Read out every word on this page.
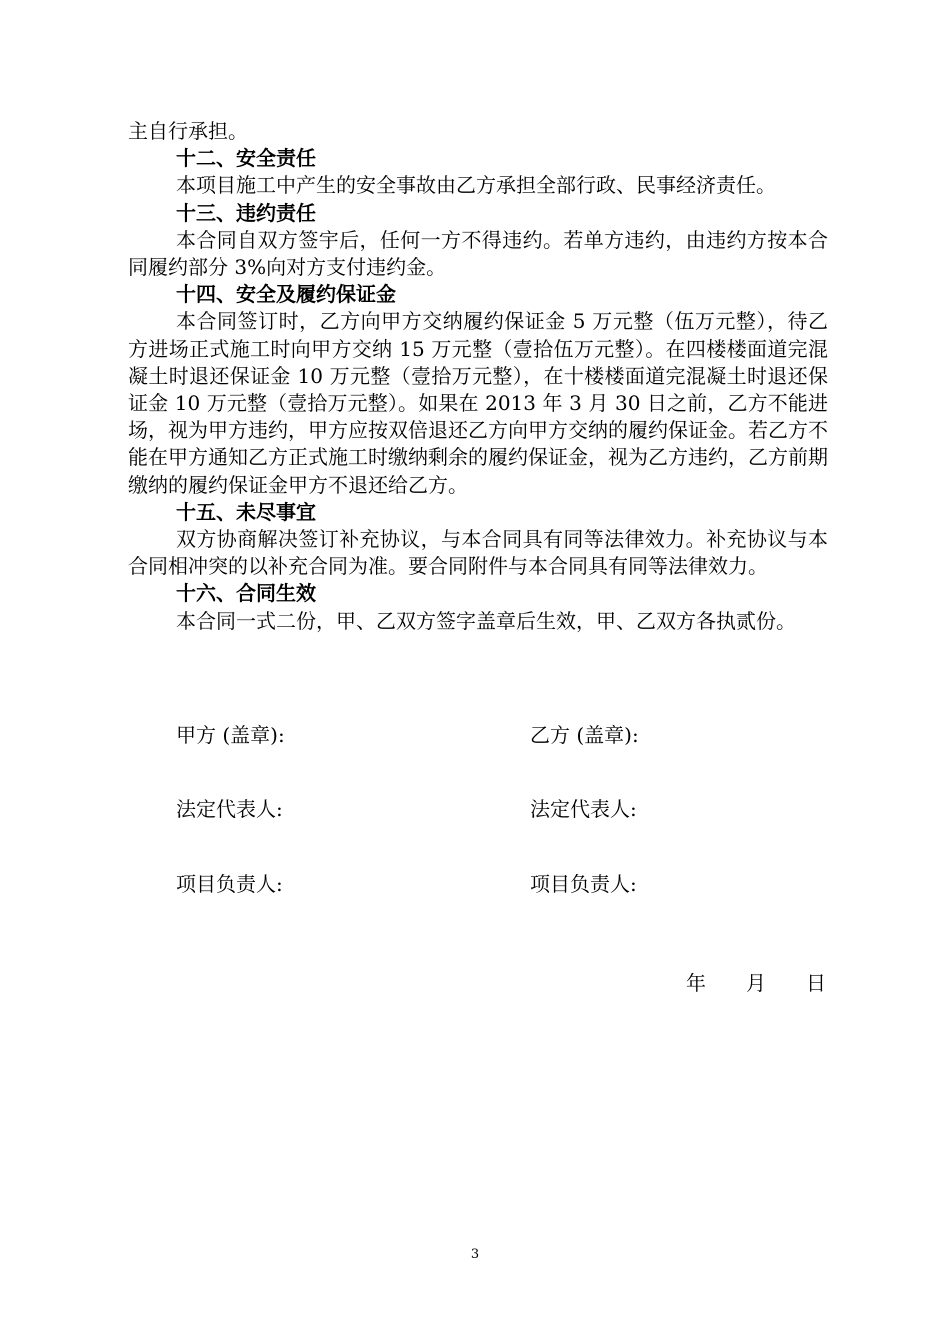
主自行承担。

十二、安全责任

本项目施工中产生的安全事故由乙方承担全部行政、民事经济责任。

十三、违约责任

本合同自双方签宇后，任何一方不得违约。若单方违约，由违约方按本合同履约部分 3%向对方支付违约金。

十四、安全及履约保证金

本合同签订时，乙方向甲方交纳履约保证金 5 万元整（伍万元整），待乙方进场正式施工时向甲方交纳 15 万元整（壹拾伍万元整）。在四楼楼面道完混凝土时退还保证金 10 万元整（壹拾万元整），在十楼楼面道完混凝土时退还保证金 10 万元整（壹拾万元整）。如果在 2013 年 3 月 30 日之前，乙方不能进场，视为甲方违约，甲方应按双倍退还乙方向甲方交纳的履约保证金。若乙方不能在甲方通知乙方正式施工时缴纳剩余的履约保证金，视为乙方违约，乙方前期缴纳的履约保证金甲方不退还给乙方。

十五、未尽事宜

双方协商解决签订补充协议，与本合同具有同等法律效力。补充协议与本合同相冲突的以补充合同为准。要合同附件与本合同具有同等法律效力。

十六、合同生效

本合同一式二份，甲、乙双方签字盖章后生效，甲、乙双方各执贰份。

甲方 (盖章):	乙方 (盖章):
法定代表人:	法定代表人:
项目负责人:	项目负责人:
年 月 日
3
